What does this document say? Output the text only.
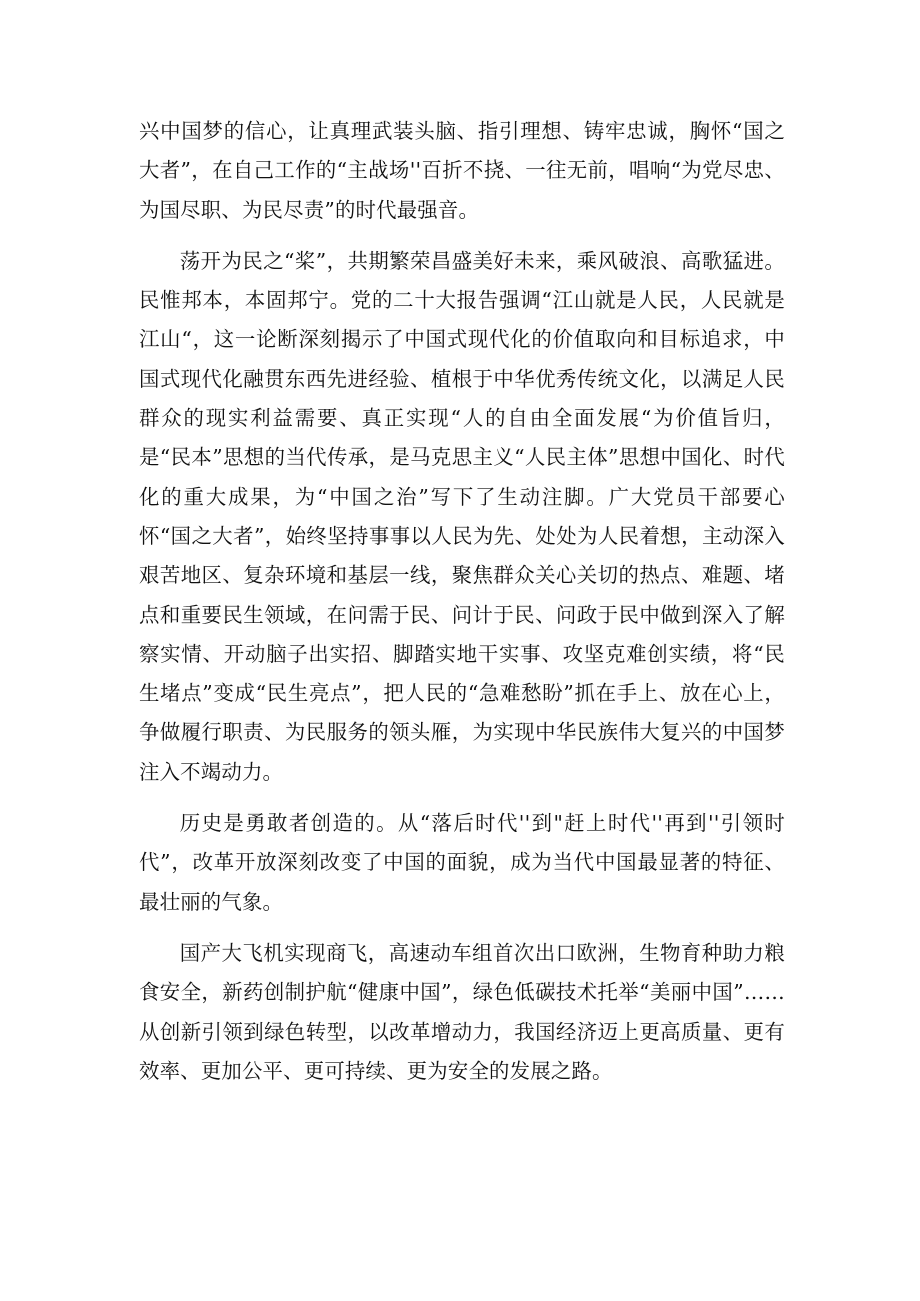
兴中国梦的信心，让真理武装头脑、指引理想、铸牢忠诚，胸怀“国之大者”，在自己工作的“主战场''百折不挠、一往无前，唱响“为党尽忠、为国尽职、为民尽责”的时代最强音。

荡开为民之“桨”，共期繁荣昌盛美好未来，乘风破浪、高歌猛进。民惟邦本，本固邦宁。党的二十大报告强调“江山就是人民，人民就是江山“，这一论断深刻揭示了中国式现代化的价值取向和目标追求，中国式现代化融贯东西先进经验、植根于中华优秀传统文化，以满足人民群众的现实利益需要、真正实现“人的自由全面发展“为价值旨归，是“民本”思想的当代传承，是马克思主义“人民主体”思想中国化、时代化的重大成果，为“中国之治”写下了生动注脚。广大党员干部要心怀“国之大者”，始终坚持事事以人民为先、处处为人民着想，主动深入艰苦地区、复杂环境和基层一线，聚焦群众关心关切的热点、难题、堵点和重要民生领域，在问需于民、问计于民、问政于民中做到深入了解察实情、开动脑子出实招、脚踏实地干实事、攻坚克难创实绩，将“民生堵点”变成“民生亮点”，把人民的“急难愁盼”抓在手上、放在心上，争做履行职责、为民服务的领头雁，为实现中华民族伟大复兴的中国梦注入不竭动力。

历史是勇敢者创造的。从“落后时代''到"赶上时代''再到''引领时代”，改革开放深刻改变了中国的面貌，成为当代中国最显著的特征、最壮丽的气象。

国产大飞机实现商飞，高速动车组首次出口欧洲，生物育种助力粮食安全，新药创制护航“健康中国”，绿色低碳技术托举“美丽中国”……从创新引领到绿色转型，以改革增动力，我国经济迈上更高质量、更有效率、更加公平、更可持续、更为安全的发展之路。
